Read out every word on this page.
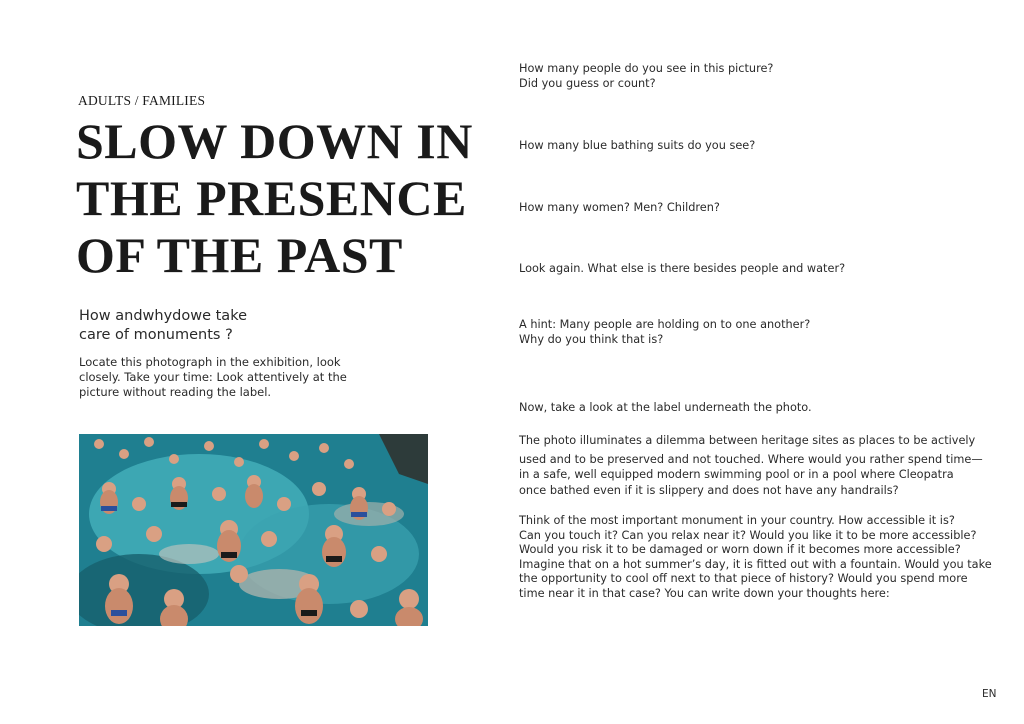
ADULTS / FAMILIES
SLOW DOWN IN
THE PRESENCE
OF THE PAST
How andwhydowe take
care of monuments ?
Locate this photograph in the exhibition, look
closely. Take your time: Look attentively at the
picture without reading the label.
How many people do you see in this picture?
Did you guess or count?
How many blue bathing suits do you see?
How many women? Men? Children?
Look again. What else is there besides people and water?
A hint: Many people are holding on to one another?
Why do you think that is?
Now, take a look at the label underneath the photo.
The photo illuminates a dilemma between heritage sites as places to be actively
used and to be preserved and not touched. Where would you rather spend time—
in a safe, well equipped modern swimming pool or in a pool where Cleopatra
once bathed even if it is slippery and does not have any handrails?
Think of the most important monument in your country. How accessible it is?
Can you touch it? Can you relax near it? Would you like it to be more accessible?
Would you risk it to be damaged or worn down if it becomes more accessible?
Imagine that on a hot summer’s day, it is fitted out with a fountain. Would you take
the opportunity to cool off next to that piece of history? Would you spend more
time near it in that case? You can write down your thoughts here:
EN
